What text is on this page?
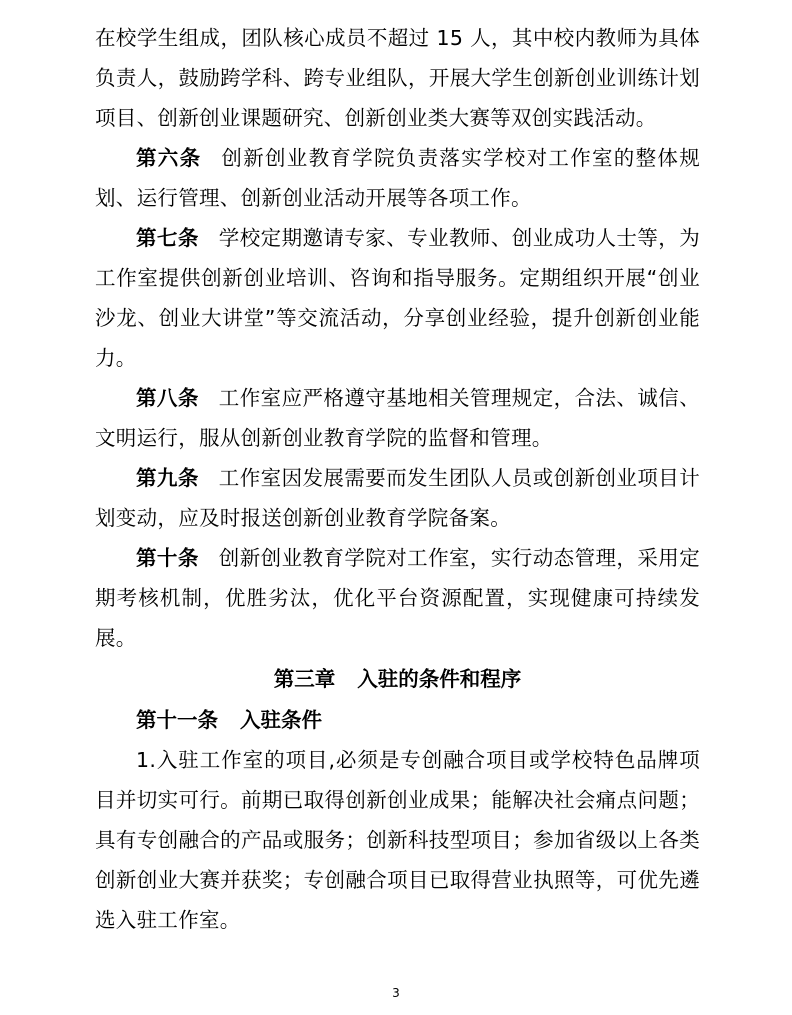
在校学生组成，团队核心成员不超过 15 人，其中校内教师为具体负责人，鼓励跨学科、跨专业组队，开展大学生创新创业训练计划项目、创新创业课题研究、创新创业类大赛等双创实践活动。

第六条 创新创业教育学院负责落实学校对工作室的整体规划、运行管理、创新创业活动开展等各项工作。

第七条 学校定期邀请专家、专业教师、创业成功人士等，为工作室提供创新创业培训、咨询和指导服务。定期组织开展“创业沙龙、创业大讲堂”等交流活动，分享创业经验，提升创新创业能力。

第八条 工作室应严格遵守基地相关管理规定，合法、诚信、文明运行，服从创新创业教育学院的监督和管理。

第九条 工作室因发展需要而发生团队人员或创新创业项目计划变动，应及时报送创新创业教育学院备案。

第十条 创新创业教育学院对工作室，实行动态管理，采用定期考核机制，优胜劣汰，优化平台资源配置，实现健康可持续发展。

第三章 入驻的条件和程序
第十一条 入驻条件

1.入驻工作室的项目,必须是专创融合项目或学校特色品牌项目并切实可行。前期已取得创新创业成果；能解决社会痛点问题；具有专创融合的产品或服务；创新科技型项目；参加省级以上各类创新创业大赛并获奖；专创融合项目已取得营业执照等，可优先遴选入驻工作室。

3
